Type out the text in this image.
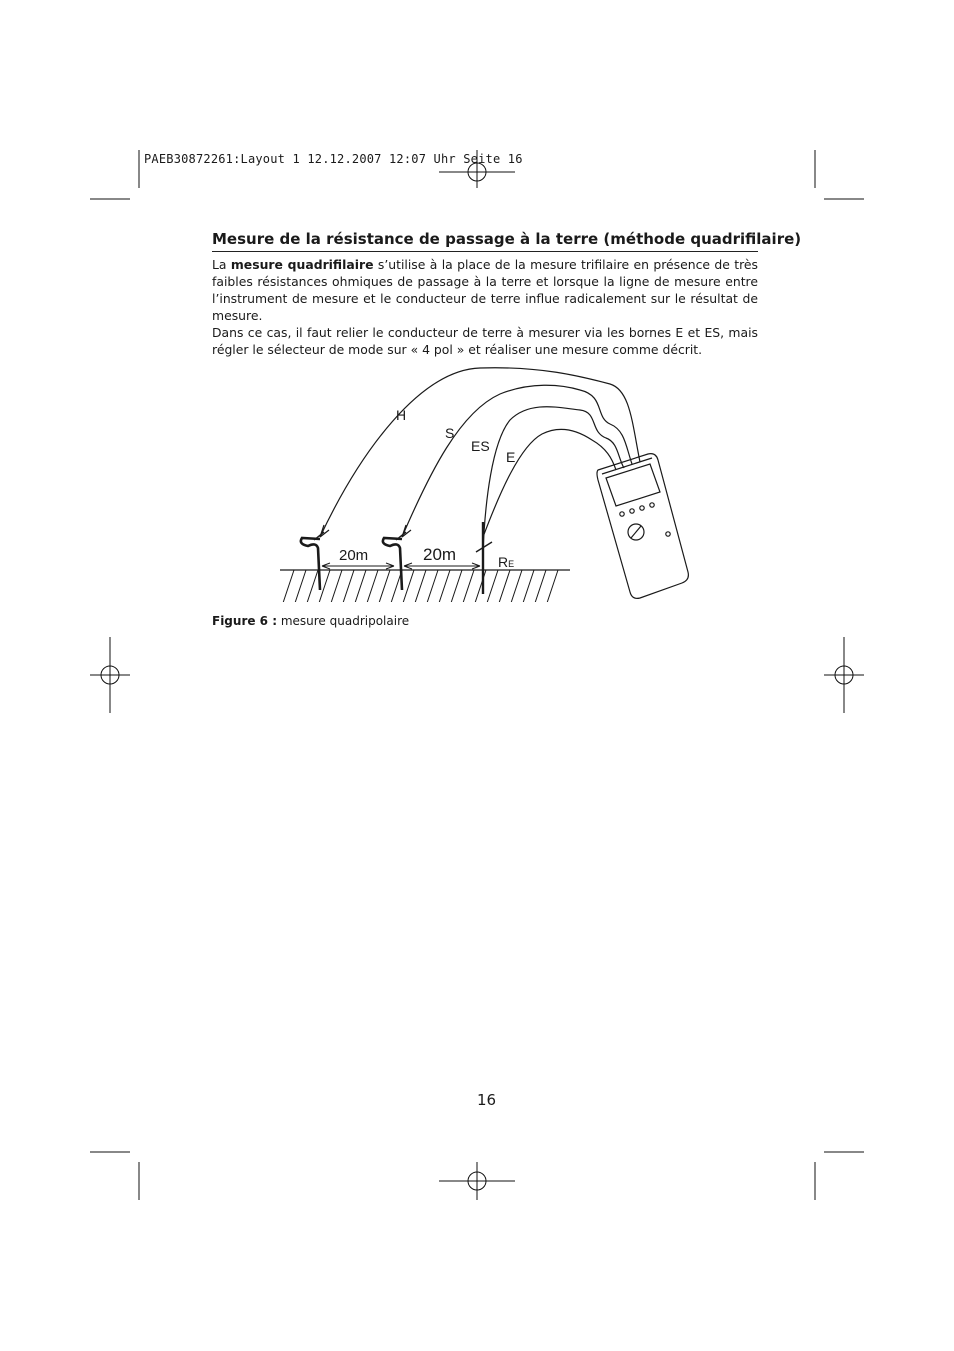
PAEB30872261:Layout 1 12.12.2007 12:07 Uhr Seite 16
Mesure de la résistance de passage à la terre (méthode quadrifilaire)
La mesure quadrifilaire s’utilise à la place de la mesure trifilaire en présence de très faibles résistances ohmiques de passage à la terre et lorsque la ligne de mesure entre l’instrument de mesure et le conducteur de terre influe radicalement sur le résultat de mesure.
Dans ce cas, il faut relier le conducteur de terre à mesurer via les bornes E et ES, mais régler le sélecteur de mode sur « 4 pol » et réaliser une mesure comme décrit.
H
S
ES
E
20m	20m	RE
Figure 6 : mesure quadripolaire
16
